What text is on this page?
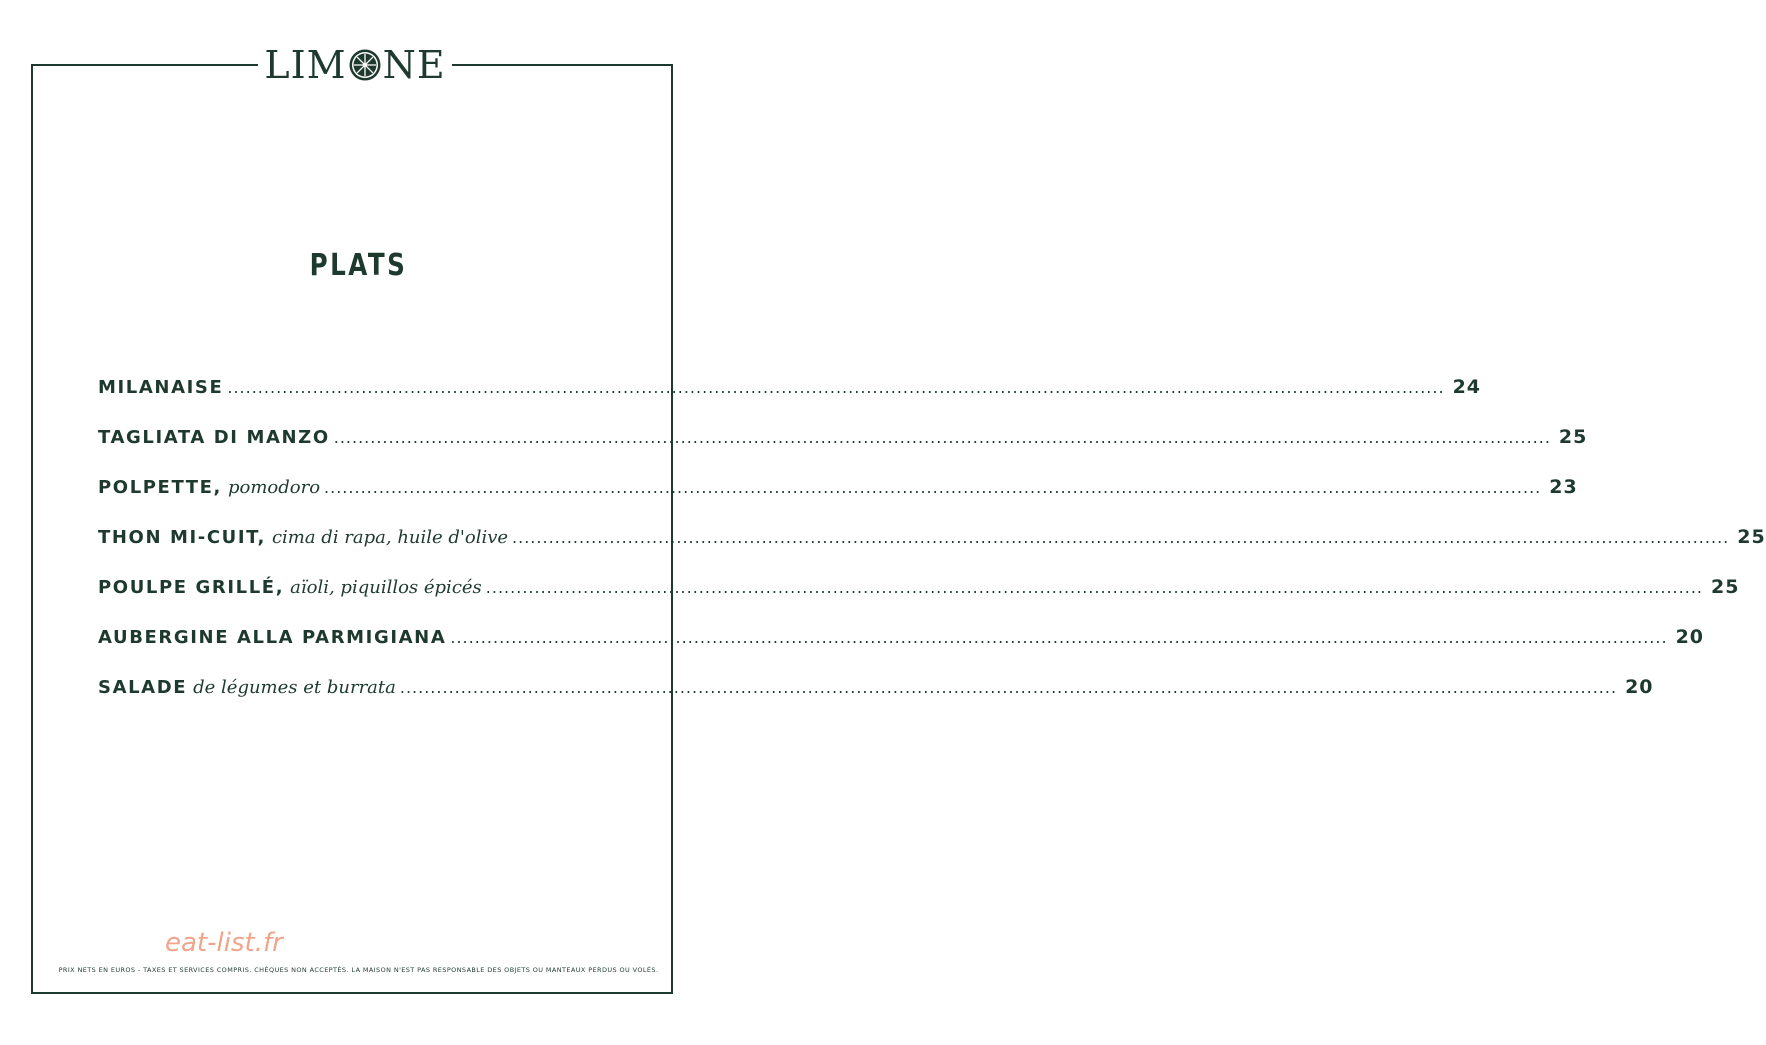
LIM NE
PLATS
MILANAISE ........................................................................................................................................................................................................ 24
TAGLIATA DI MANZO ........................................................................................................................................................................................................ 25
POLPETTE, pomodoro ........................................................................................................................................................................................................ 23
THON MI-CUIT, cima di rapa, huile d'olive ........................................................................................................................................................................................................ 25
POULPE GRILLÉ, aïoli, piquillos épicés ........................................................................................................................................................................................................ 25
AUBERGINE ALLA PARMIGIANA ........................................................................................................................................................................................................ 20
SALADE de légumes et burrata ........................................................................................................................................................................................................ 20
eat-list.fr
PRIX NETS EN EUROS - TAXES ET SERVICES COMPRIS. CHÈQUES NON ACCEPTÉS. LA MAISON N'EST PAS RESPONSABLE DES OBJETS OU MANTEAUX PERDUS OU VOLÉS.
